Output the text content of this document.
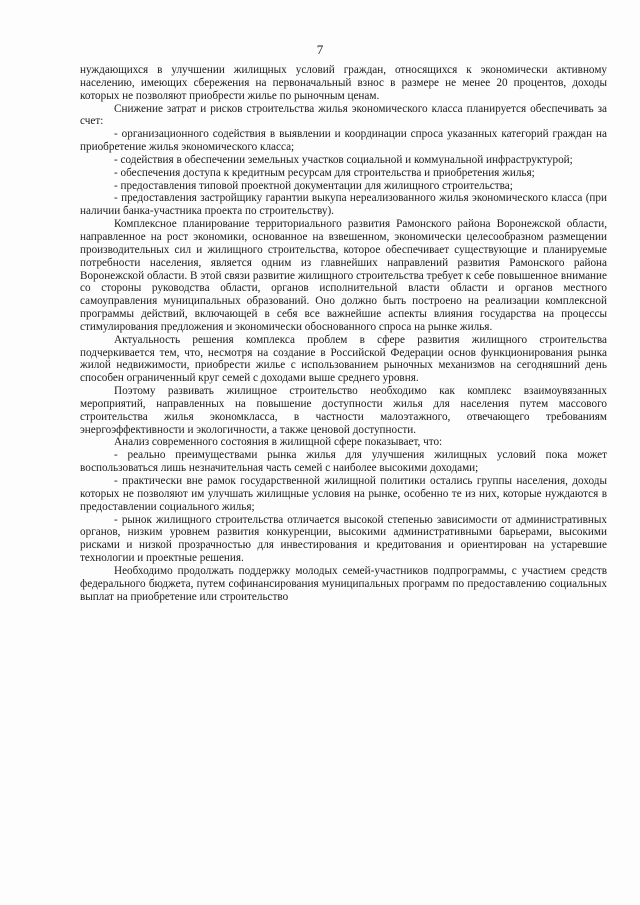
7

нуждающихся в улучшении жилищных условий граждан, относящихся к экономически активному населению, имеющих сбережения на первоначальный взнос в размере не менее 20 процентов, доходы которых не позволяют приобрести жилье по рыночным ценам.

Снижение затрат и рисков строительства жилья экономического класса планируется обеспечивать за счет:

- организационного содействия в выявлении и координации спроса указанных категорий граждан на приобретение жилья экономического класса;

- содействия в обеспечении земельных участков социальной и коммунальной инфраструктурой;

- обеспечения доступа к кредитным ресурсам для строительства и приобретения жилья;

- предоставления типовой проектной документации для жилищного строительства;

- предоставления застройщику гарантии выкупа нереализованного жилья экономического класса (при наличии банка-участника проекта по строительству).

Комплексное планирование территориального развития Рамонского района Воронежской области, направленное на рост экономики, основанное на взвешенном, экономически целесообразном размещении производительных сил и жилищного строительства, которое обеспечивает существующие и планируемые потребности населения, является одним из главнейших направлений развития Рамонского района Воронежской области. В этой связи развитие жилищного строительства требует к себе повышенное внимание со стороны руководства области, органов исполнительной власти области и органов местного самоуправления муниципальных образований. Оно должно быть построено на реализации комплексной программы действий, включающей в себя все важнейшие аспекты влияния государства на процессы стимулирования предложения и экономически обоснованного спроса на рынке жилья.

Актуальность решения комплекса проблем в сфере развития жилищного строительства подчеркивается тем, что, несмотря на создание в Российской Федерации основ функционирования рынка жилой недвижимости, приобрести жилье с использованием рыночных механизмов на сегодняшний день способен ограниченный круг семей с доходами выше среднего уровня.

Поэтому развивать жилищное строительство необходимо как комплекс взаимоувязанных мероприятий, направленных на повышение доступности жилья для населения путем массового строительства жилья экономкласса, в частности малоэтажного, отвечающего требованиям энергоэффективности и экологичности, а также ценовой доступности.

Анализ современного состояния в жилищной сфере показывает, что:

- реально преимуществами рынка жилья для улучшения жилищных условий пока может воспользоваться лишь незначительная часть семей с наиболее высокими доходами;

- практически вне рамок государственной жилищной политики остались группы населения, доходы которых не позволяют им улучшать жилищные условия на рынке, особенно те из них, которые нуждаются в предоставлении социального жилья;

- рынок жилищного строительства отличается высокой степенью зависимости от административных органов, низким уровнем развития конкуренции, высокими административными барьерами, высокими рисками и низкой прозрачностью для инвестирования и кредитования и ориентирован на устаревшие технологии и проектные решения.

Необходимо продолжать поддержку молодых семей-участников подпрограммы, с участием средств федерального бюджета, путем софинансирования муниципальных программ по предоставлению социальных выплат на приобретение или строительство
